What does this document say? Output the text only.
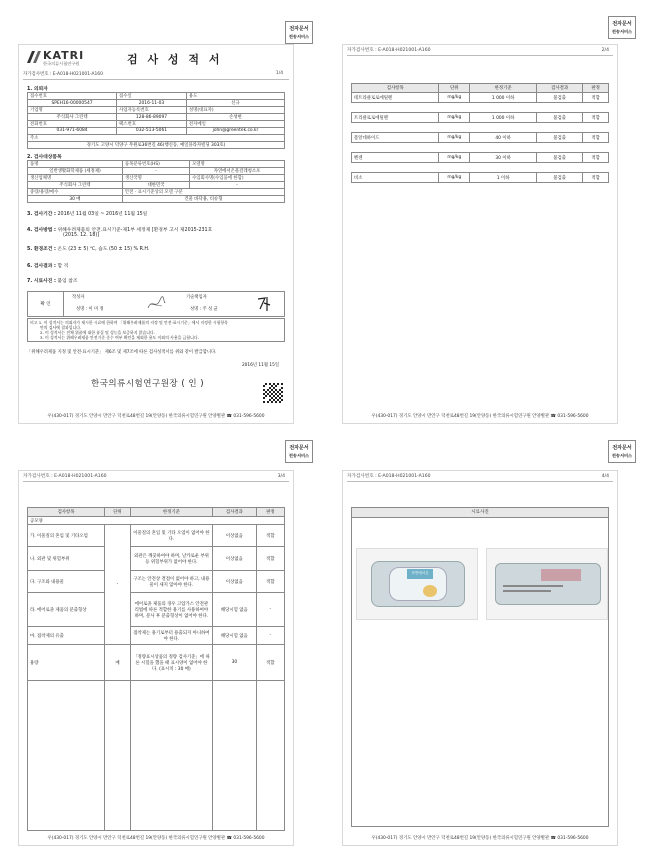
KATRI
한국의류시험연구원	검 사 성 적 서
자가검사번호 : E-A018-H021001-A160	1/4
1. 의뢰자
접수번호	접수일	용도
SPEH16-00000547	2016-11-03	신규
기업명	사업자등록번호	성명(대표자)
주식회사 그린텍	128-86-89097	손성현
전화번호	팩스번호	전자메일
031-971-6084	032-513-5061	john@greentek.co.kr
주소		
경기도 고양시 덕양구 무원로36번길 46(행신동, 예일플라자빌딩 303호)		
2. 검사대상품목
품명	품목분류번호(HS)	모델명
일반생활화학제품 (세정제)	-	자연에서온물걸레청소포
생산업체명	생산국명	수입회사명(수입품에 한함)
주식회사 그린텍	대한민국	-
중량/용량/매수	안전 · 표시기준상의 모델 구분	
30 매	건물 바닥용, 티슈형	
3. 검사기간 : 2016년 11월 03일 ~ 2016년 11월 15일
4. 검사방법 : 위해우려제품의 안전.표시기준-제1부 세정제 [환경부 고시 제2015-231호
(2015. 12. 18)]
5. 환경조건 : 온도 (23 ± 5) ℃, 습도 (50 ± 15) % R.H.
6. 검사결과 : 합 격
7. 시료사진 : 붙임 참조
확 인
작성자
성명 : 이 미 정
기술책임자
성명 : 주 성 균
비고 1. 이 성적서는 의뢰자가 제시한 시료에 한하며 「위해우려제품의 지정 및 안전·표시기준」에서 지정한 시험항목
만의 검사에 결과입니다.
2. 이 성적서는 전체 위품에 대한 품질 및 성능을 보증하지 않습니다.
3. 이 성적서는 위해우려제품 안전기준 준수 여부 확인을 제외한 용도 이외의 사용을 금합니다.
「위해우려제품 지정 및 안전·표시기준」 제6조 및 제7조에 따른 검사성적서를 위와 같이 발급합니다.
2016년 11월 15일
한국의류시험연구원장 ( 인 )
우(430-017) 경기도 안양시 만안구 덕천로48번길 19(안양동) 한국의류시험연구원 안양별관 ☎ 031-596-5600
전자문서
전송서비스
자가검사번호 : E-A018-H021001-A160	2/4
검사항목	단위	한정기준	검사결과	판정
테트라클로로에틸렌	mg/kg	1 000 이하	불검출	적합

트리클로로에틸렌	mg/kg	1 000 이하	불검출	적합

폼알데하이드	mg/kg	40 이하	불검출	적합

벤젠	mg/kg	30 이하	불검출	적합

비소	mg/kg	1 이하	불검출	적합
우(430-017) 경기도 안양시 만안구 덕천로48번길 19(안양동) 한국의류시험연구원 안양별관 ☎ 031-596-5600
전자문서
전송서비스
자가검사번호 : E-A018-H021001-A160	3/4
검사항목	단위	한정기준	검사결과	판정
공모양				
가. 이물질의 혼입 및 기타오염	-	이물질의 혼입 및 기타 오염이 없어야 한다.	이상없음	적합
나. 외관 및 위험부위		외관은 깨끗하여야 하며, 날카로운 부위 등 위험부위가 없어야 한다.	이상없음	적합
다. 구조와 내용물		구조는 안전상 결점이 없어야 하고, 내용물이 새지 않아야 한다.	이상없음	적합
라. 에어로졸 제품의 분출형상		에어로졸 제품의 경우 고압가스 안전관리법에 따른 적합한 용기를 사용하여야 하며, 분사 후 분출형상이 없어야 한다.	해당시험 없음	-
마. 접착제의 유출		접착제는 용기로부터 용출되지 아니하여야 한다.	해당시험 없음	-
용량	매	「정량표시상품의 정량 검사기준」에 따른 시험을 했을 때 표시양이 없어야 한다. (표시치 : 30 매)	30	적합

우(430-017) 경기도 안양시 만안구 덕천로48번길 19(안양동) 한국의류시험연구원 안양별관 ☎ 031-596-5600
전자문서
전송서비스
자가검사번호 : E-A018-H021001-A160	4/4
시료사진
자연에서온
우(430-017) 경기도 안양시 만안구 덕천로48번길 19(안양동) 한국의류시험연구원 안양별관 ☎ 031-596-5600
전자문서
전송서비스
